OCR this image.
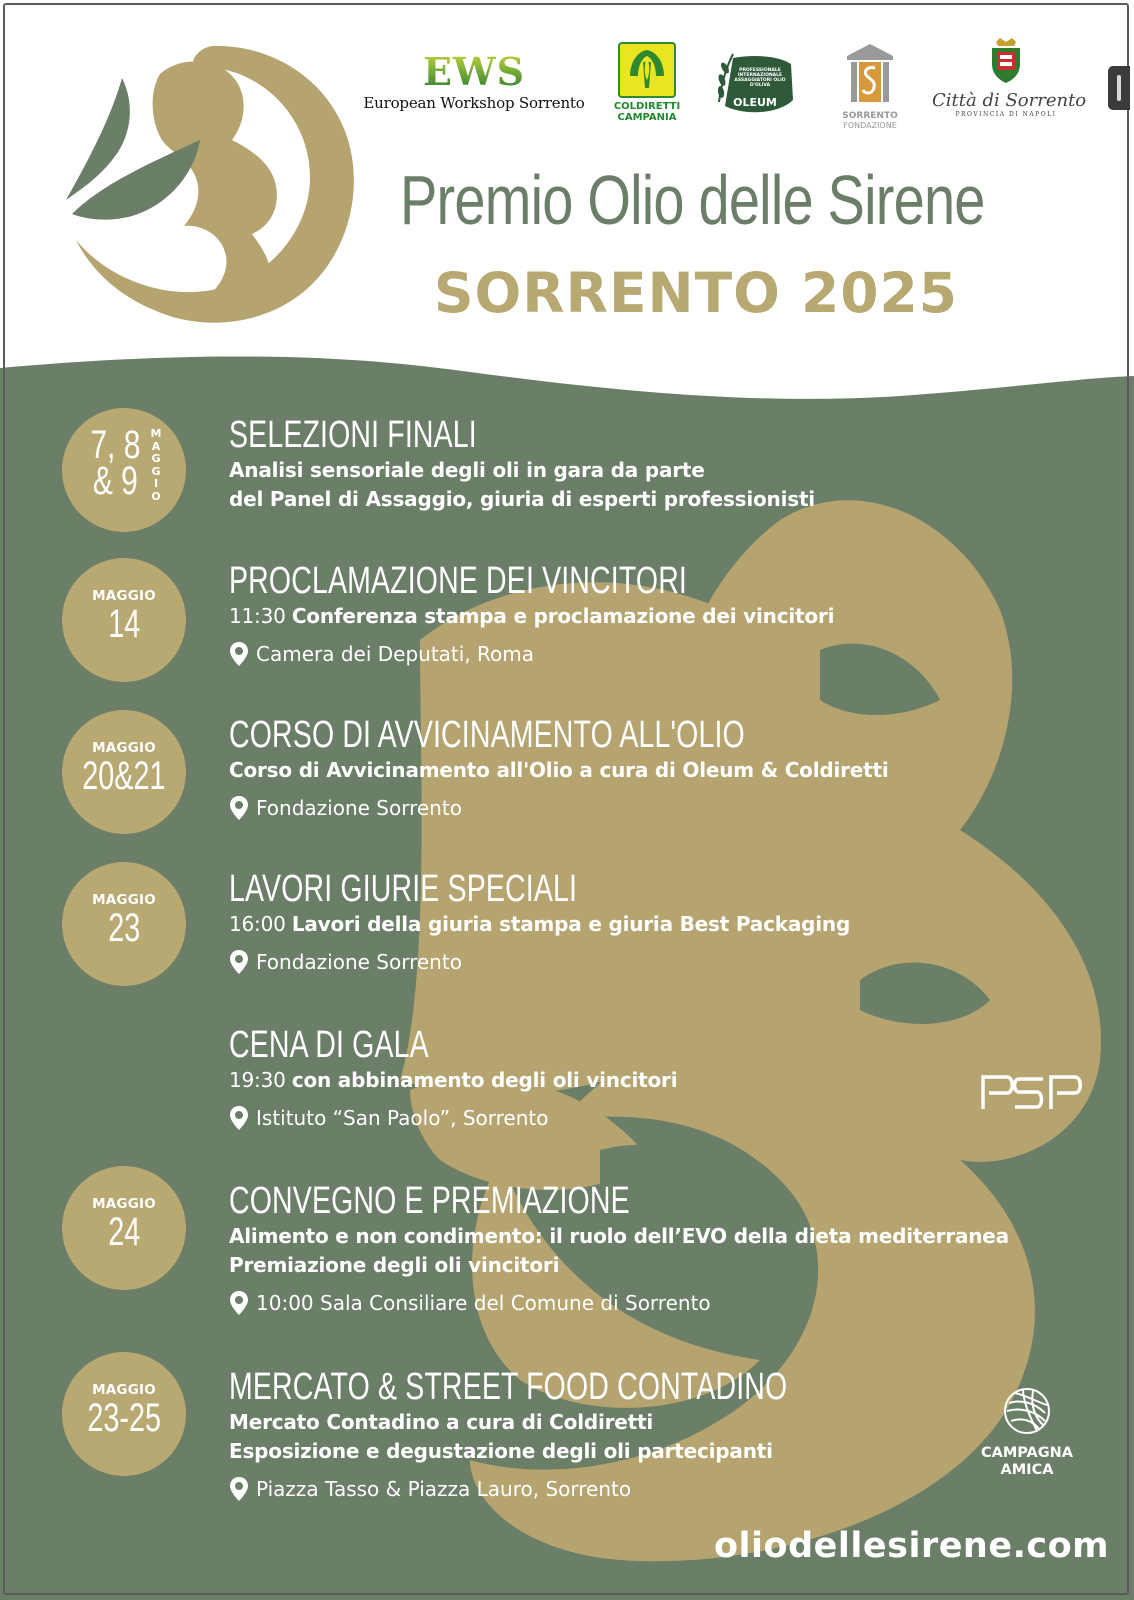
EWS
European Workshop Sorrento	COLDIRETTI
CAMPANIA
PROFESSIONALE INTERNAZIONALE ASSAGGIATORI OLIO D'OLIVA
OLEUM
SORRENTO
FONDAZIONE
Città di Sorrento
PROVINCIA DI NAPOLI
Premio Olio delle Sirene
SORRENTO 2025
7, 8
& 9
MAGGIO
SELEZIONI FINALI
Analisi sensoriale degli oli in gara da parte
del Panel di Assaggio, giuria di esperti professionisti
MAGGIO
14
PROCLAMAZIONE DEI VINCITORI
11:30 Conferenza stampa e proclamazione dei vincitori
Camera dei Deputati, Roma
MAGGIO
20&21
CORSO DI AVVICINAMENTO ALL'OLIO
Corso di Avvicinamento all'Olio a cura di Oleum & Coldiretti
Fondazione Sorrento
MAGGIO
23
LAVORI GIURIE SPECIALI
16:00 Lavori della giuria stampa e giuria Best Packaging
Fondazione Sorrento
CENA DI GALA
19:30 con abbinamento degli oli vincitori
Istituto “San Paolo”, Sorrento
PSP
MAGGIO
24
CONVEGNO E PREMIAZIONE
Alimento e non condimento: il ruolo dell’EVO della dieta mediterranea
Premiazione degli oli vincitori
10:00 Sala Consiliare del Comune di Sorrento
MAGGIO
23-25
MERCATO & STREET FOOD CONTADINO
Mercato Contadino a cura di Coldiretti
Esposizione e degustazione degli oli partecipanti
Piazza Tasso & Piazza Lauro, Sorrento
CAMPAGNA
AMICA
oliodellesirene.com
